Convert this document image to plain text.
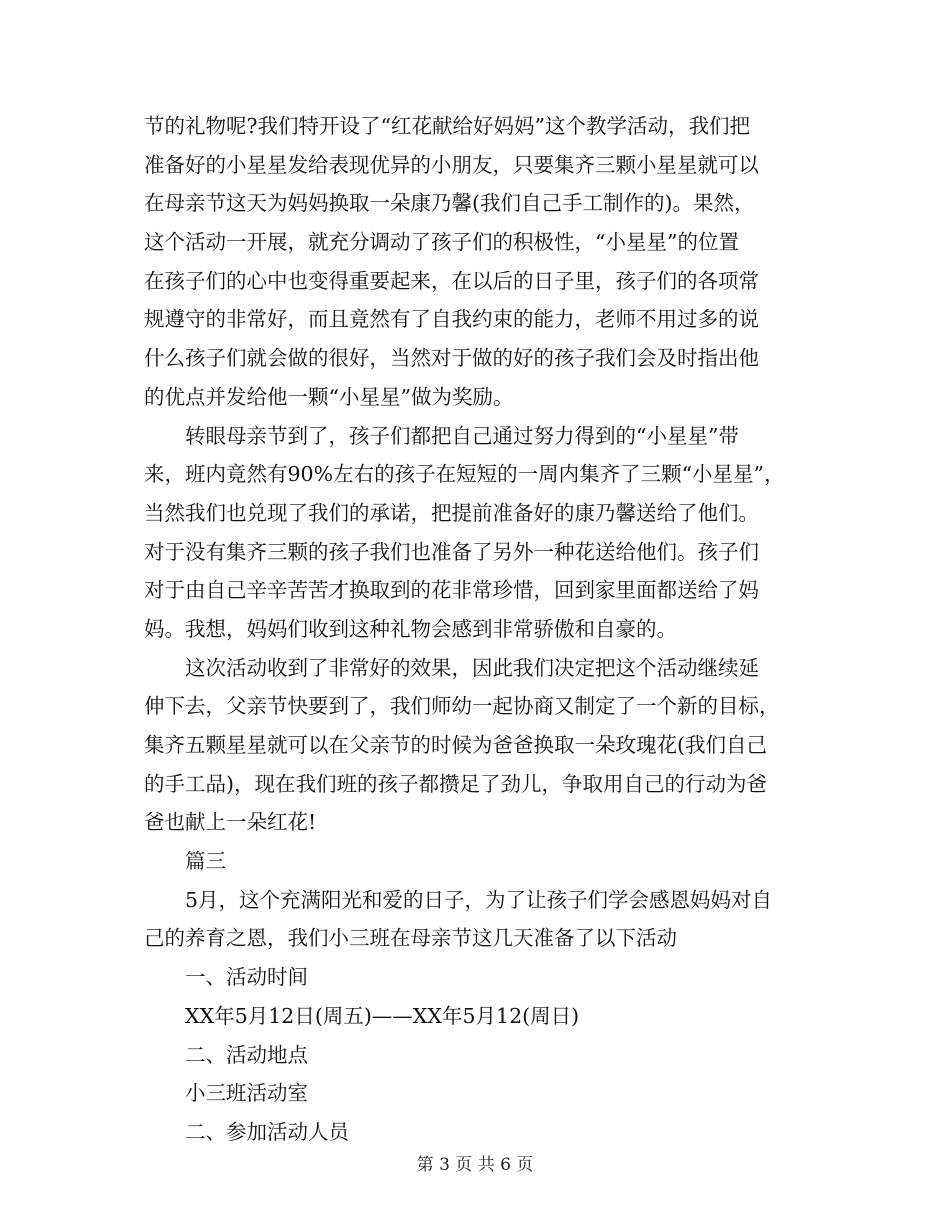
节的礼物呢?我们特开设了“红花献给好妈妈”这个教学活动，我们把
准备好的小星星发给表现优异的小朋友，只要集齐三颗小星星就可以
在母亲节这天为妈妈换取一朵康乃馨(我们自己手工制作的)。果然，
这个活动一开展，就充分调动了孩子们的积极性，“小星星”的位置
在孩子们的心中也变得重要起来，在以后的日子里，孩子们的各项常
规遵守的非常好，而且竟然有了自我约束的能力，老师不用过多的说
什么孩子们就会做的很好，当然对于做的好的孩子我们会及时指出他
的优点并发给他一颗“小星星”做为奖励。
转眼母亲节到了，孩子们都把自己通过努力得到的“小星星”带
来，班内竟然有90%左右的孩子在短短的一周内集齐了三颗“小星星”，
当然我们也兑现了我们的承诺，把提前准备好的康乃馨送给了他们。
对于没有集齐三颗的孩子我们也准备了另外一种花送给他们。孩子们
对于由自己辛辛苦苦才换取到的花非常珍惜，回到家里面都送给了妈
妈。我想，妈妈们收到这种礼物会感到非常骄傲和自豪的。
这次活动收到了非常好的效果，因此我们决定把这个活动继续延
伸下去，父亲节快要到了，我们师幼一起协商又制定了一个新的目标，
集齐五颗星星就可以在父亲节的时候为爸爸换取一朵玫瑰花(我们自己
的手工品)，现在我们班的孩子都攒足了劲儿，争取用自己的行动为爸
爸也献上一朵红花!
篇三
5月，这个充满阳光和爱的日子，为了让孩子们学会感恩妈妈对自
己的养育之恩，我们小三班在母亲节这几天准备了以下活动
一、活动时间
XX年5月12日(周五)——XX年5月12(周日)
二、活动地点
小三班活动室
二、参加活动人员
第 3 页 共 6 页
